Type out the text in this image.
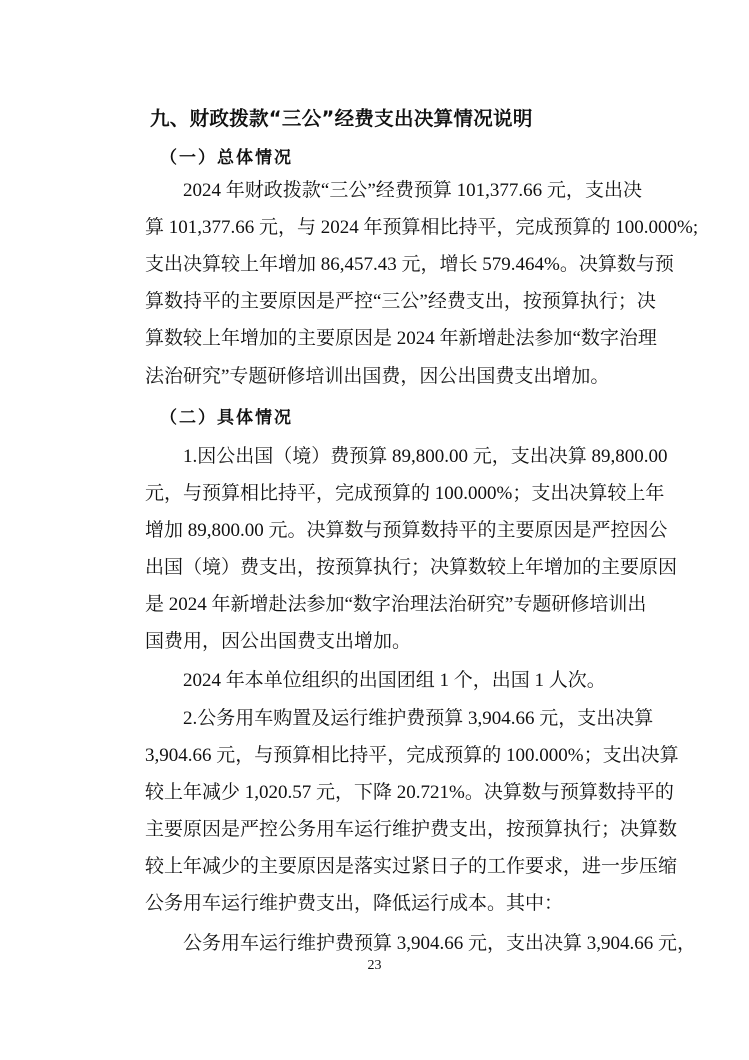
九、财政拨款“三公”经费支出决算情况说明
（一）总体情况
2024 年财政拨款“三公”经费预算 101,377.66 元，支出决
算 101,377.66 元，与 2024 年预算相比持平，完成预算的 100.000%;
支出决算较上年增加 86,457.43 元，增长 579.464%。决算数与预
算数持平的主要原因是严控“三公”经费支出，按预算执行；决
算数较上年增加的主要原因是 2024 年新增赴法参加“数字治理
法治研究”专题研修培训出国费，因公出国费支出增加。
（二）具体情况
1.因公出国（境）费预算 89,800.00 元，支出决算 89,800.00
元，与预算相比持平，完成预算的 100.000%；支出决算较上年
增加 89,800.00 元。决算数与预算数持平的主要原因是严控因公
出国（境）费支出，按预算执行；决算数较上年增加的主要原因
是 2024 年新增赴法参加“数字治理法治研究”专题研修培训出
国费用，因公出国费支出增加。
2024 年本单位组织的出国团组 1 个，出国 1 人次。
2.公务用车购置及运行维护费预算 3,904.66 元，支出决算
3,904.66 元，与预算相比持平，完成预算的 100.000%；支出决算
较上年减少 1,020.57 元，下降 20.721%。决算数与预算数持平的
主要原因是严控公务用车运行维护费支出，按预算执行；决算数
较上年减少的主要原因是落实过紧日子的工作要求，进一步压缩
公务用车运行维护费支出，降低运行成本。其中：
公务用车运行维护费预算 3,904.66 元，支出决算 3,904.66 元，
23
